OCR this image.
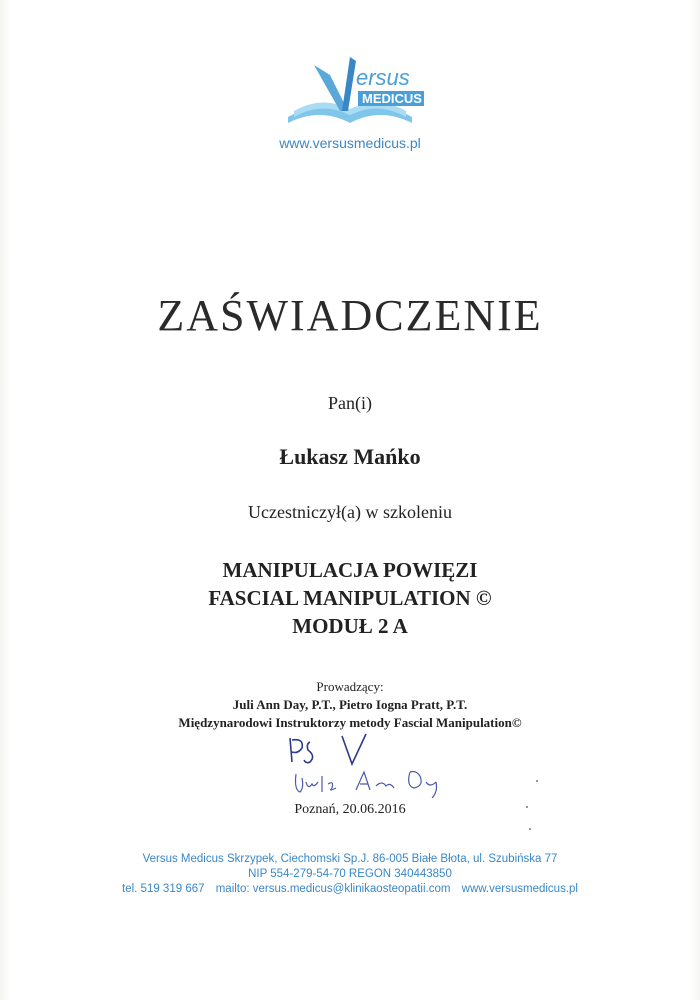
ersus
MEDICUS
www.versusmedicus.pl
ZAŚWIADCZENIE
Pan(i)
Łukasz Mańko
Uczestniczył(a) w szkoleniu
MANIPULACJA POWIĘZI
FASCIAL MANIPULATION ©
MODUŁ 2 A
Prowadzący:
Juli Ann Day, P.T., Pietro Iogna Pratt, P.T.
Międzynarodowi Instruktorzy metody Fascial Manipulation©
Poznań, 20.06.2016
Versus Medicus Skrzypek, Ciechomski Sp.J. 86-005 Białe Błota, ul. Szubińska 77
NIP 554-279-54-70 REGON 340443850
tel. 519 319 667 mailto: versus.medicus@klinikaosteopatii.com www.versusmedicus.pl
